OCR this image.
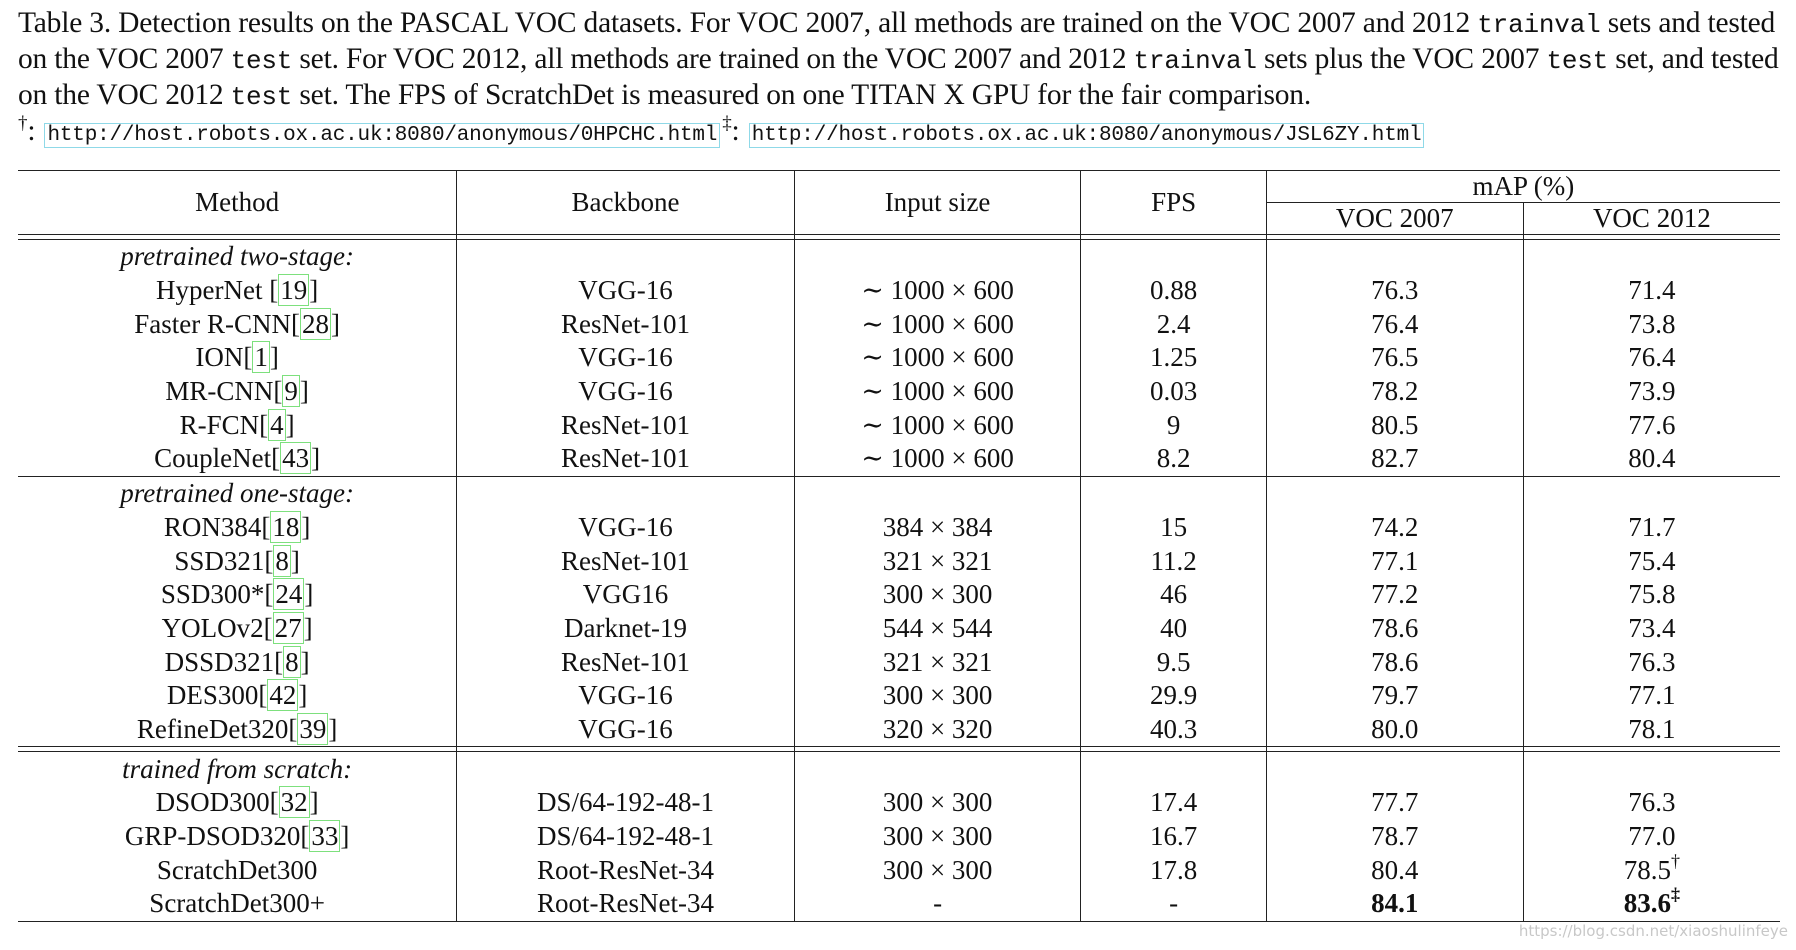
Table 3. Detection results on the PASCAL VOC datasets. For VOC 2007, all methods are trained on the VOC 2007 and 2012 trainval sets and tested on the VOC 2007 test set. For VOC 2012, all methods are trained on the VOC 2007 and 2012 trainval sets plus the VOC 2007 test set, and tested on the VOC 2012 test set. The FPS of ScratchDet is measured on one TITAN X GPU for the fair comparison.
†: http://host.robots.ox.ac.uk:8080/anonymous/0HPCHC.html‡: http://host.robots.ox.ac.uk:8080/anonymous/JSL6ZY.html
Method	Backbone	Input size	FPS	mAP (%)	
				VOC 2007	VOC 2012

pretrained two-stage:					
HyperNet [19]	VGG-16	∼ 1000 × 600	0.88	76.3	71.4
Faster R-CNN[28]	ResNet-101	∼ 1000 × 600	2.4	76.4	73.8
ION[1]	VGG-16	∼ 1000 × 600	1.25	76.5	76.4
MR-CNN[9]	VGG-16	∼ 1000 × 600	0.03	78.2	73.9
R-FCN[4]	ResNet-101	∼ 1000 × 600	9	80.5	77.6
CoupleNet[43]	ResNet-101	∼ 1000 × 600	8.2	82.7	80.4
pretrained one-stage:					
RON384[18]	VGG-16	384 × 384	15	74.2	71.7
SSD321[8]	ResNet-101	321 × 321	11.2	77.1	75.4
SSD300*[24]	VGG16	300 × 300	46	77.2	75.8
YOLOv2[27]	Darknet-19	544 × 544	40	78.6	73.4
DSSD321[8]	ResNet-101	321 × 321	9.5	78.6	76.3
DES300[42]	VGG-16	300 × 300	29.9	79.7	77.1
RefineDet320[39]	VGG-16	320 × 320	40.3	80.0	78.1

trained from scratch:					
DSOD300[32]	DS/64-192-48-1	300 × 300	17.4	77.7	76.3
GRP-DSOD320[33]	DS/64-192-48-1	300 × 300	16.7	78.7	77.0
ScratchDet300	Root-ResNet-34	300 × 300	17.8	80.4	78.5†
ScratchDet300+	Root-ResNet-34	-	-	84.1	83.6‡
https://blog.csdn.net/xiaoshulinfeye
